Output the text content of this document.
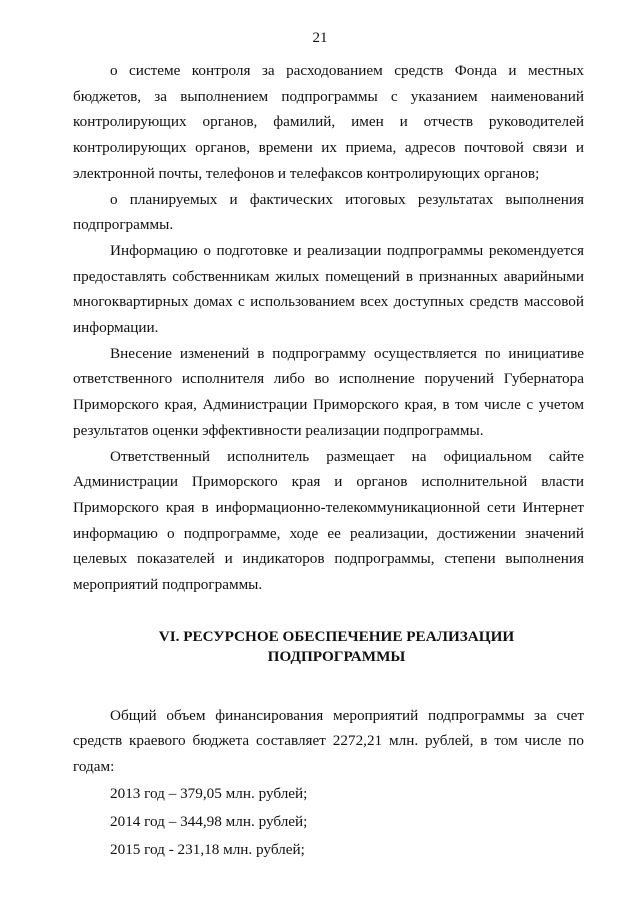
21

о системе контроля за расходованием средств Фонда и местных бюджетов, за выполнением подпрограммы с указанием наименований контролирующих органов, фамилий, имен и отчеств руководителей контролирующих органов, времени их приема, адресов почтовой связи и электронной почты, телефонов и телефаксов контролирующих органов;

о планируемых и фактических итоговых результатах выполнения подпрограммы.

Информацию о подготовке и реализации подпрограммы рекомендуется предоставлять собственникам жилых помещений в признанных аварийными многоквартирных домах с использованием всех доступных средств массовой информации.

Внесение изменений в подпрограмму осуществляется по инициативе ответственного исполнителя либо во исполнение поручений Губернатора Приморского края, Администрации Приморского края, в том числе с учетом результатов оценки эффективности реализации подпрограммы.

Ответственный исполнитель размещает на официальном сайте Администрации Приморского края и органов исполнительной власти Приморского края в информационно-телекоммуникационной сети Интернет информацию о подпрограмме, ходе ее реализации, достижении значений целевых показателей и индикаторов подпрограммы, степени выполнения мероприятий подпрограммы.

VI. РЕСУРСНОЕ ОБЕСПЕЧЕНИЕ РЕАЛИЗАЦИИ
ПОДПРОГРАММЫ

Общий объем финансирования мероприятий подпрограммы за счет средств краевого бюджета составляет 2272,21 млн. рублей, в том числе по годам:

2013 год – 379,05 млн. рублей;

2014 год – 344,98 млн. рублей;

2015 год - 231,18 млн. рублей;
